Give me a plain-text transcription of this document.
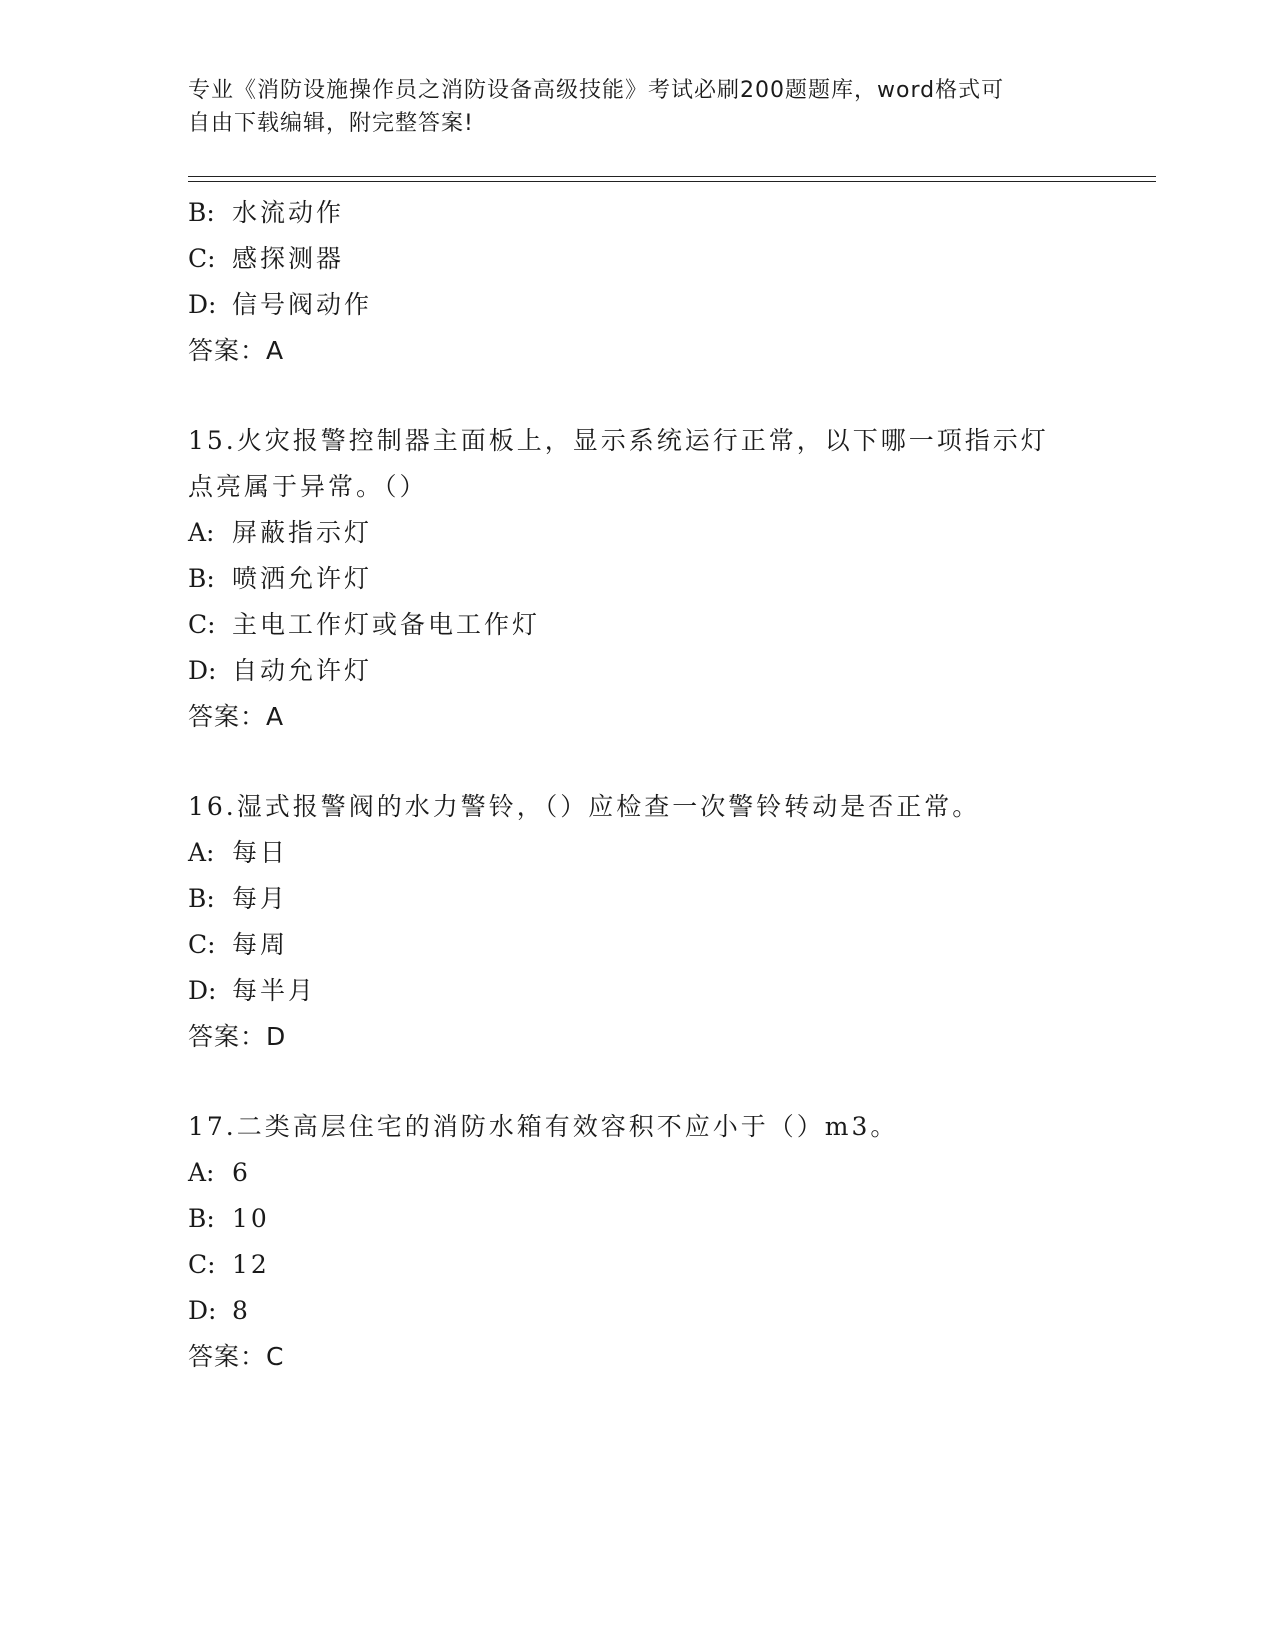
专业《消防设施操作员之消防设备高级技能》考试必刷200题题库，word格式可
自由下载编辑，附完整答案!
B: 水流动作
C: 感探测器
D: 信号阀动作
答案：A
15.火灾报警控制器主面板上，显示系统运行正常，以下哪一项指示灯
点亮属于异常。（）
A: 屏蔽指示灯
B: 喷洒允许灯
C: 主电工作灯或备电工作灯
D: 自动允许灯
答案：A
16.湿式报警阀的水力警铃，（）应检查一次警铃转动是否正常。
A: 每日
B: 每月
C: 每周
D: 每半月
答案：D
17.二类高层住宅的消防水箱有效容积不应小于（）m3。
A: 6
B: 10
C: 12
D: 8
答案：C
